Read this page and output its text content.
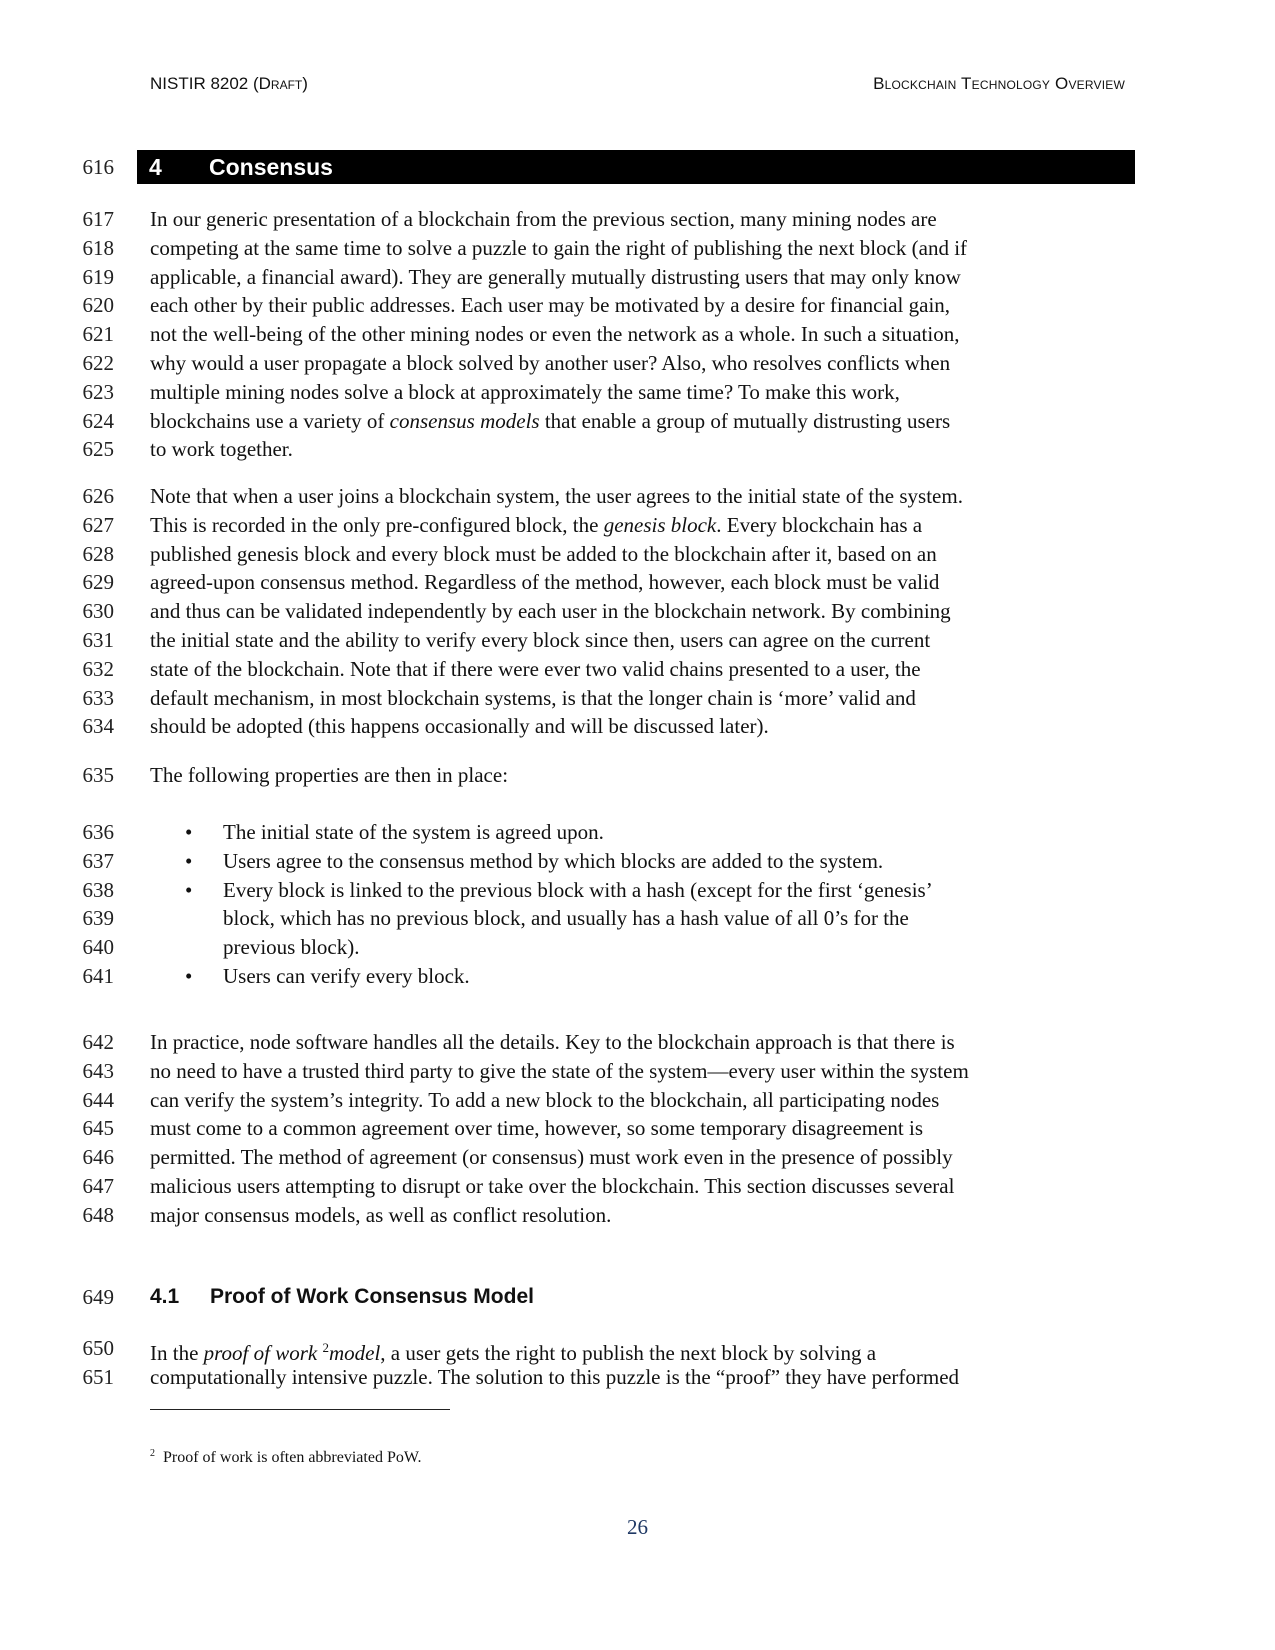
NISTIR 8202 (Draft)	Blockchain Technology Overview
616 4 Consensus
617 In our generic presentation of a blockchain from the previous section, many mining nodes are
618 competing at the same time to solve a puzzle to gain the right of publishing the next block (and if
619 applicable, a financial award). They are generally mutually distrusting users that may only know
620 each other by their public addresses. Each user may be motivated by a desire for financial gain,
621 not the well-being of the other mining nodes or even the network as a whole. In such a situation,
622 why would a user propagate a block solved by another user? Also, who resolves conflicts when
623 multiple mining nodes solve a block at approximately the same time? To make this work,
624 blockchains use a variety of consensus models that enable a group of mutually distrusting users
625 to work together.
626 Note that when a user joins a blockchain system, the user agrees to the initial state of the system.
627 This is recorded in the only pre-configured block, the genesis block. Every blockchain has a
628 published genesis block and every block must be added to the blockchain after it, based on an
629 agreed-upon consensus method. Regardless of the method, however, each block must be valid
630 and thus can be validated independently by each user in the blockchain network. By combining
631 the initial state and the ability to verify every block since then, users can agree on the current
632 state of the blockchain. Note that if there were ever two valid chains presented to a user, the
633 default mechanism, in most blockchain systems, is that the longer chain is ‘more’ valid and
634 should be adopted (this happens occasionally and will be discussed later).
635 The following properties are then in place:
636	• The initial state of the system is agreed upon.
637	• Users agree to the consensus method by which blocks are added to the system.
638	• Every block is linked to the previous block with a hash (except for the first ‘genesis’
639	block, which has no previous block, and usually has a hash value of all 0’s for the
640	previous block).
641	• Users can verify every block.
642 In practice, node software handles all the details. Key to the blockchain approach is that there is
643 no need to have a trusted third party to give the state of the system—every user within the system
644 can verify the system’s integrity. To add a new block to the blockchain, all participating nodes
645 must come to a common agreement over time, however, so some temporary disagreement is
646 permitted. The method of agreement (or consensus) must work even in the presence of possibly
647 malicious users attempting to disrupt or take over the blockchain. This section discusses several
648 major consensus models, as well as conflict resolution.
650 In the proof of work $^2$model, a user gets the right to publish the next block by solving a
651 computationally intensive puzzle. The solution to this puzzle is the “proof” they have performed
649 4.1 Proof of Work Consensus Model
$^2$ Proof of work is often abbreviated PoW.
26
